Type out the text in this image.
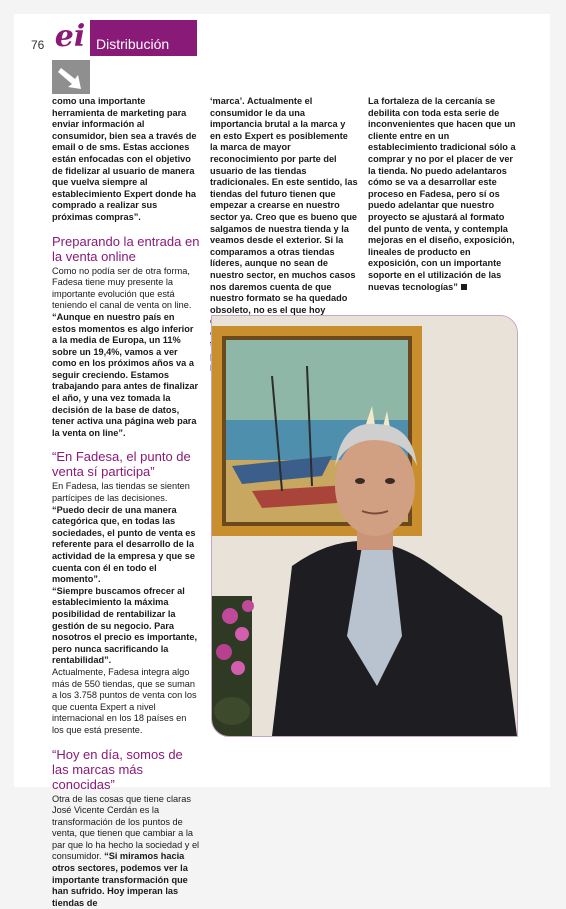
76 ei Distribución

como una importante herramienta de marketing para enviar información al consumidor, bien sea a través de email o de sms. Estas acciones están enfocadas con el objetivo de fidelizar al usuario de manera que vuelva siempre al establecimiento Expert donde ha comprado a realizar sus próximas compras”.

Preparando la entrada en la venta online

Como no podía ser de otra forma, Fadesa tiene muy presente la importante evolución que está teniendo el canal de venta on line. “Aunque en nuestro país en estos momentos es algo inferior a la media de Europa, un 11% sobre un 19,4%, vamos a ver como en los próximos años va a seguir creciendo. Estamos trabajando para antes de finalizar el año, y una vez tomada la decisión de la base de datos, tener activa una página web para la venta on line”.

“En Fadesa, el punto de venta sí participa”

En Fadesa, las tiendas se sienten partícipes de las decisiones. “Puedo decir de una manera categórica que, en todas las sociedades, el punto de venta es referente para el desarrollo de la actividad de la empresa y que se cuenta con él en todo el momento”.

“Siempre buscamos ofrecer al establecimiento la máxima posibilidad de rentabilizar la gestión de su negocio. Para nosotros el precio es importante, pero nunca sacrificando la rentabilidad”.

Actualmente, Fadesa integra algo más de 550 tiendas, que se suman a los 3.758 puntos de venta con los que cuenta Expert a nivel internacional en los 18 países en los que está presente.

“Hoy en día, somos de las marcas más conocidas”

Otra de las cosas que tiene claras José Vicente Cerdán es la transformación de los puntos de venta, que tienen que cambiar a la par que lo ha hecho la sociedad y el consumidor. “Si miramos hacia otros sectores, podemos ver la importante transformación que han sufrido. Hoy imperan las tiendas de

‘marca’. Actualmente el consumidor le da una importancia brutal a la marca y en esto Expert es posiblemente la marca de mayor reconocimiento por parte del usuario de las tiendas tradicionales. En este sentido, las tiendas del futuro tienen que empezar a crearse en nuestro sector ya. Creo que es bueno que salgamos de nuestra tienda y la veamos desde el exterior. Si la comparamos a otras tiendas líderes, aunque no sean de nuestro sector, en muchos casos nos daremos cuenta de que nuestro formato se ha quedado obsoleto, no es el que hoy

La fortaleza de la cercanía se debilita con toda esta serie de inconvenientes que hacen que un cliente entre en un establecimiento tradicional sólo a comprar y no por el placer de ver la tienda. No puedo adelantaros cómo se va a desarrollar este proceso en Fadesa, pero sí os puedo adelantar que nuestro proyecto se ajustará al formato del punto de venta, y contempla mejoras en el diseño, exposición, lineales de producto en exposición, con un importante soporte en el utilización de las nuevas tecnologías”
